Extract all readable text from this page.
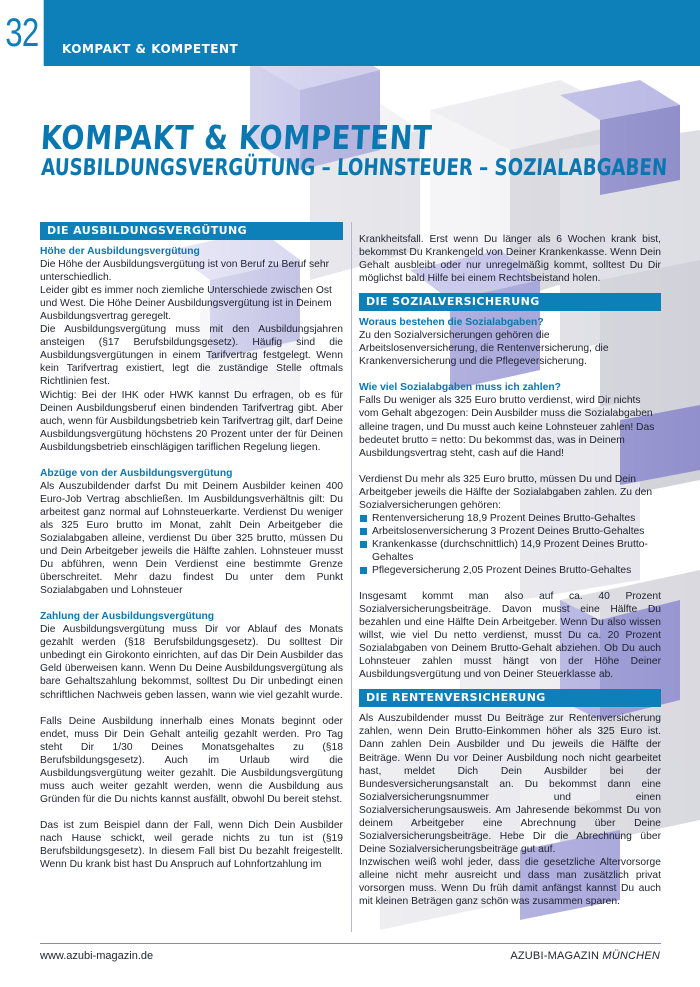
32	KOMPAKT & KOMPETENT
KOMPAKT & KOMPETENT
AUSBILDUNGSVERGÜTUNG – LOHNSTEUER – SOZIALABGABEN
DIE AUSBILDUNGSVERGÜTUNG

Höhe der Ausbildungsvergütung

Die Höhe der Ausbildungsvergütung ist von Beruf zu Beruf sehr unterschiedlich.

Leider gibt es immer noch ziemliche Unterschiede zwischen Ost und West. Die Höhe Deiner Ausbildungsvergütung ist in Deinem Ausbildungsvertrag geregelt.

Die Ausbildungsvergütung muss mit den Ausbildungsjahren ansteigen (§17 Berufsbildungsgesetz). Häufig sind die Ausbildungsvergütungen in einem Tarifvertrag festgelegt. Wenn kein Tarifvertrag existiert, legt die zuständige Stelle oftmals Richtlinien fest.

Wichtig: Bei der IHK oder HWK kannst Du erfragen, ob es für Deinen Ausbildungsberuf einen bindenden Tarifvertrag gibt. Aber auch, wenn für Ausbildungsbetrieb kein Tarifvertrag gilt, darf Deine Ausbildungsvergütung höchstens 20 Prozent unter der für Deinen Ausbildungsbetrieb einschlägigen tariflichen Regelung liegen.

Abzüge von der Ausbildungsvergütung

Als Auszubildender darfst Du mit Deinem Ausbilder keinen 400 Euro-Job Vertrag abschließen. Im Ausbildungsverhältnis gilt: Du arbeitest ganz normal auf Lohnsteuerkarte. Verdienst Du weniger als 325 Euro brutto im Monat, zahlt Dein Arbeitgeber die Sozialabgaben alleine, verdienst Du über 325 brutto, müssen Du und Dein Arbeitgeber jeweils die Hälfte zahlen. Lohnsteuer musst Du abführen, wenn Dein Verdienst eine bestimmte Grenze überschreitet. Mehr dazu findest Du unter dem Punkt Sozialabgaben und Lohnsteuer

Zahlung der Ausbildungsvergütung

Die Ausbildungsvergütung muss Dir vor Ablauf des Monats gezahlt werden (§18 Berufsbildungsgesetz). Du solltest Dir unbedingt ein Girokonto einrichten, auf das Dir Dein Ausbilder das Geld überweisen kann. Wenn Du Deine Ausbildungsvergütung als bare Gehaltszahlung bekommst, solltest Du Dir unbedingt einen schriftlichen Nachweis geben lassen, wann wie viel gezahlt wurde.

Falls Deine Ausbildung innerhalb eines Monats beginnt oder endet, muss Dir Dein Gehalt anteilig gezahlt werden. Pro Tag steht Dir 1/30 Deines Monatsgehaltes zu (§18 Berufsbildungsgesetz). Auch im Urlaub wird die Ausbildungsvergütung weiter gezahlt. Die Ausbildungsvergütung muss auch weiter gezahlt werden, wenn die Ausbildung aus Gründen für die Du nichts kannst ausfällt, obwohl Du bereit stehst.

Das ist zum Beispiel dann der Fall, wenn Dich Dein Ausbilder nach Hause schickt, weil gerade nichts zu tun ist (§19 Berufsbildungsgesetz). In diesem Fall bist Du bezahlt freigestellt. Wenn Du krank bist hast Du Anspruch auf Lohnfortzahlung im

Krankheitsfall. Erst wenn Du länger als 6 Wochen krank bist, bekommst Du Krankengeld von Deiner Krankenkasse. Wenn Dein Gehalt ausbleibt oder nur unregelmäßig kommt, solltest Du Dir möglichst bald Hilfe bei einem Rechtsbeistand holen.

DIE SOZIALVERSICHERUNG

Woraus bestehen die Sozialabgaben?

Zu den Sozialversicherungen gehören die Arbeitslosenversicherung, die Rentenversicherung, die Krankenversicherung und die Pflegeversicherung.

Wie viel Sozialabgaben muss ich zahlen?

Falls Du weniger als 325 Euro brutto verdienst, wird Dir nichts vom Gehalt abgezogen: Dein Ausbilder muss die Sozialabgaben alleine tragen, und Du musst auch keine Lohnsteuer zahlen! Das bedeutet brutto = netto: Du bekommst das, was in Deinem Ausbildungsvertrag steht, cash auf die Hand!

Verdienst Du mehr als 325 Euro brutto, müssen Du und Dein Arbeitgeber jeweils die Hälfte der Sozialabgaben zahlen. Zu den Sozialversicherungen gehören:

Rentenversicherung 18,9 Prozent Deines Brutto-Gehaltes
Arbeitslosenversicherung 3 Prozent Deines Brutto-Gehaltes
Krankenkasse (durchschnittlich) 14,9 Prozent Deines Brutto-Gehaltes
Pflegeversicherung 2,05 Prozent Deines Brutto-Gehaltes

Insgesamt kommt man also auf ca. 40 Prozent Sozialversicherungsbeiträge. Davon musst eine Hälfte Du bezahlen und eine Hälfte Dein Arbeitgeber. Wenn Du also wissen willst, wie viel Du netto verdienst, musst Du ca. 20 Prozent Sozialabgaben von Deinem Brutto-Gehalt abziehen. Ob Du auch Lohnsteuer zahlen musst hängt von der Höhe Deiner Ausbildungsvergütung und von Deiner Steuerklasse ab.

DIE RENTENVERSICHERUNG

Als Auszubildender musst Du Beiträge zur Rentenversicherung zahlen, wenn Dein Brutto-Einkommen höher als 325 Euro ist. Dann zahlen Dein Ausbilder und Du jeweils die Hälfte der Beiträge. Wenn Du vor Deiner Ausbildung noch nicht gearbeitet hast, meldet Dich Dein Ausbilder bei der Bundesversicherungsanstalt an. Du bekommst dann eine Sozialversicherungsnummer und einen Sozialversicherungsausweis. Am Jahresende bekommst Du von deinem Arbeitgeber eine Abrechnung über Deine Sozialversicherungsbeiträge. Hebe Dir die Abrechnung über Deine Sozialversicherungsbeiträge gut auf.

Inzwischen weiß wohl jeder, dass die gesetzliche Altervorsorge alleine nicht mehr ausreicht und dass man zusätzlich privat vorsorgen muss. Wenn Du früh damit anfängst kannst Du auch mit kleinen Beträgen ganz schön was zusammen sparen.

www.azubi-magazin.de	AZUBI-MAGAZIN MÜNCHEN
